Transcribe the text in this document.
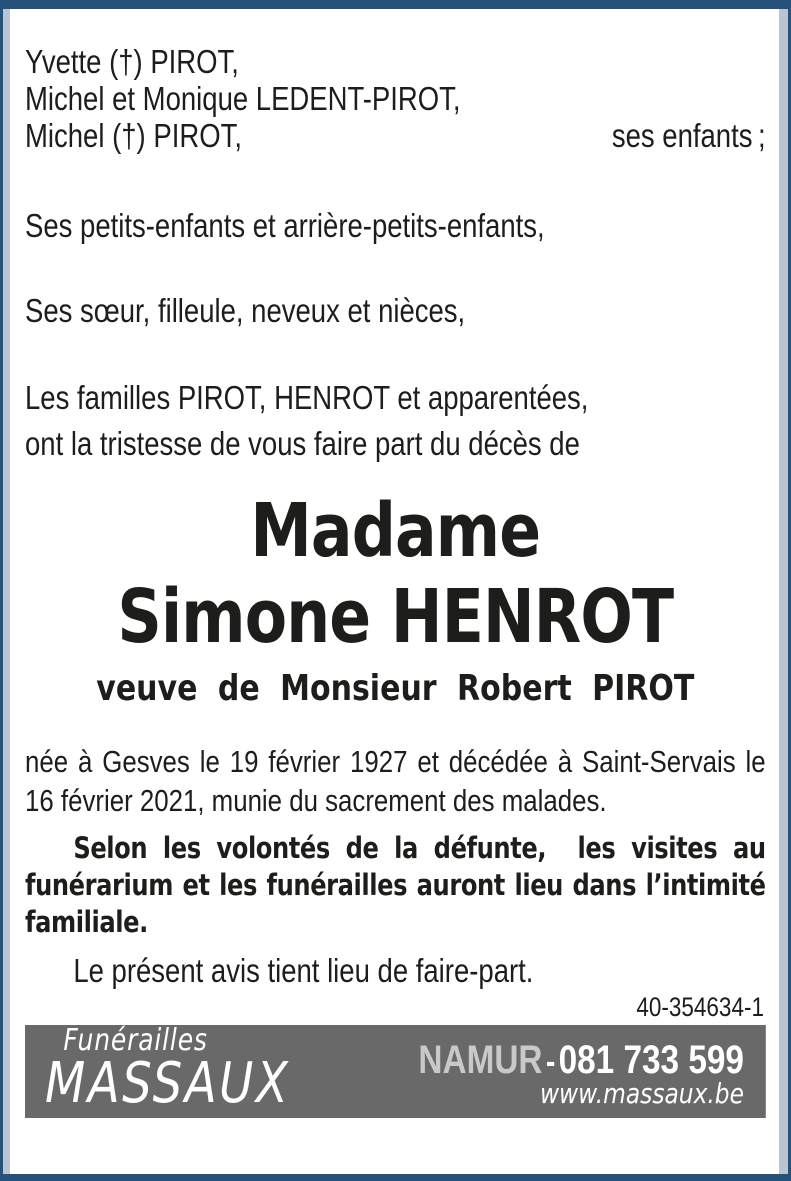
Yvette (†) PIROT,
Michel et Monique LEDENT-PIROT,
Michel (†) PIROT,	ses enfants ;

Ses petits-enfants et arrière-petits-enfants,

Ses sœur, filleule, neveux et nièces,

Les familles PIROT, HENROT et apparentées,

ont la tristesse de vous faire part du décès de

Madame
Simone HENROT
veuve de Monsieur Robert PIROT

née à Gesves le 19 février 1927 et décédée à Saint-Servais le 16 février 2021, munie du sacrement des malades.

Selon les volontés de la défunte,  les visites au funérarium et les funérailles auront lieu dans l’intimité familiale.

Le présent avis tient lieu de faire-part.

40-354634-1
Funérailles
MASSAUX	NAMUR-081 733 599
www.massaux.be
